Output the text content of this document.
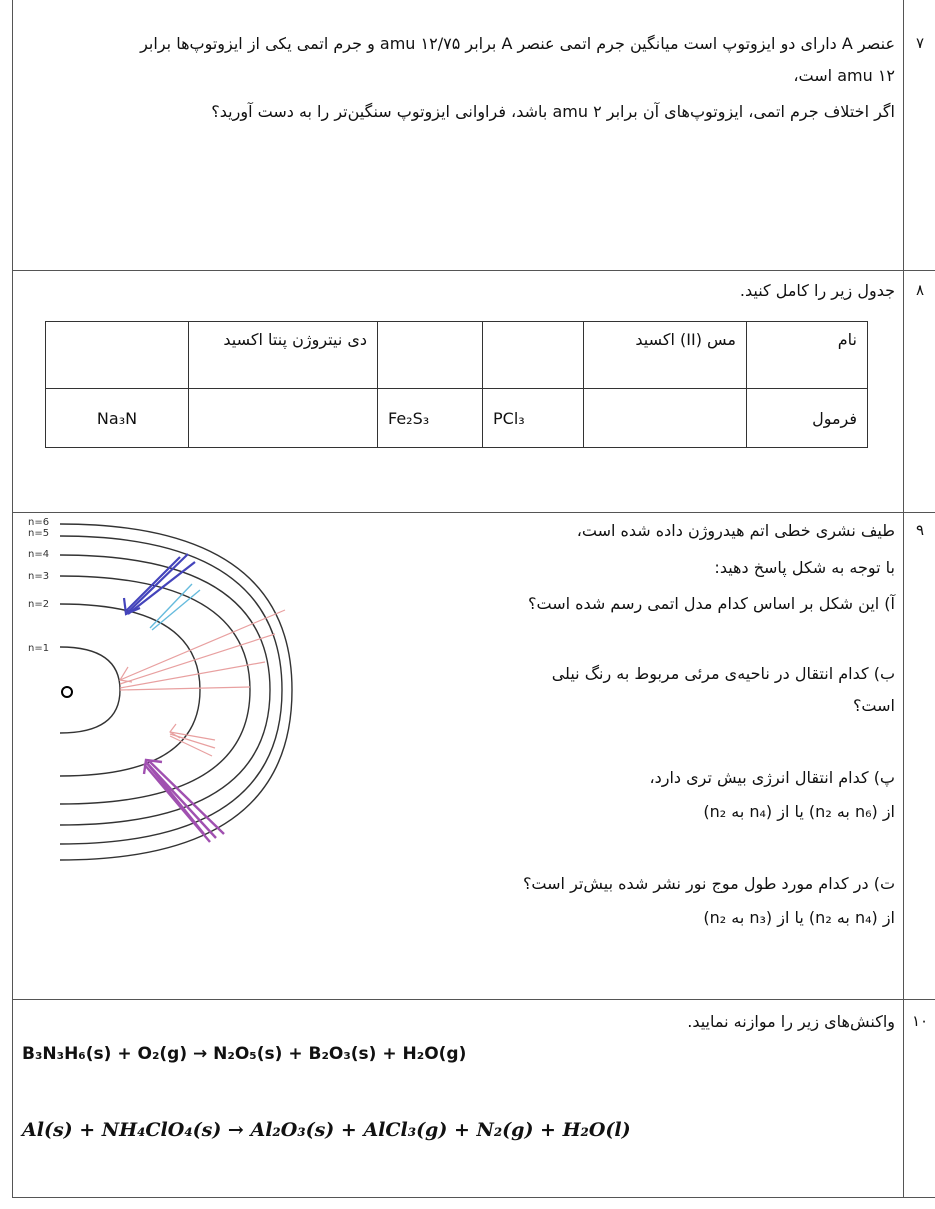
۷
عنصر A دارای دو ایزوتوپ است میانگین جرم اتمی عنصر A برابر ۱۲/۷۵ amu و جرم اتمی یکی از ایزوتوپ‌ها برابر
۱۲ amu است،
اگر اختلاف جرم اتمی، ایزوتوپ‌های آن برابر ۲ amu باشد، فراوانی ایزوتوپ سنگین‌تر را به دست آورید؟
۸
جدول زیر را کامل کنید.
نام	مس (II) اکسید			دی نیتروژن پنتا اکسید	
فرمول		PCl₃	Fe₂S₃		Na₃N
۹
طیف نشری خطی اتم هیدروژن داده شده است،
با توجه به شکل پاسخ دهید:
آ) این شکل بر اساس کدام مدل اتمی رسم شده است؟
ب) کدام انتقال در ناحیه‌ی مرئی مربوط به رنگ نیلی
است؟
پ) کدام انتقال انرژی بیش تری دارد،
از (n₆ به n₂) یا از (n₄ به n₂)
ت) در کدام مورد طول موج نور نشر شده بیش‌تر است؟
از (n₄ به n₂) یا از (n₃ به n₂)
n=6
n=5
n=4
n=3
n=2
n=1
۱۰
واکنش‌های زیر را موازنه نمایید.
B₃N₃H₆(s) + O₂(g) → N₂O₅(s) + B₂O₃(s) + H₂O(g)
Al(s) + NH₄ClO₄(s) → Al₂O₃(s) + AlCl₃(g) + N₂(g) + H₂O(l)
